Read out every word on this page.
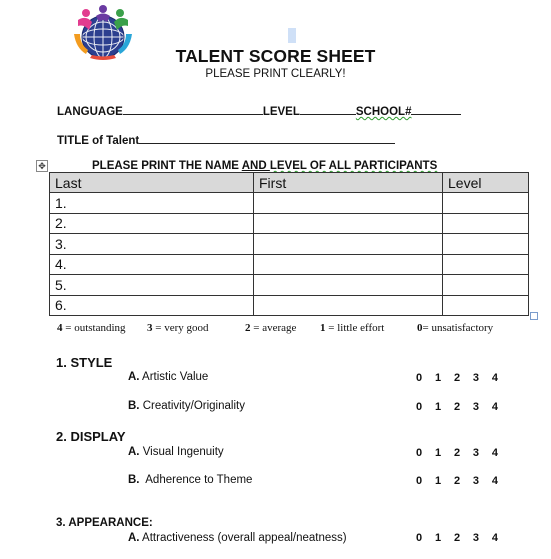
TALENT SCORE SHEET
PLEASE PRINT CLEARLY!
LANGUAGE	LEVEL	SCHOOL#
TITLE of Talent
✥	PLEASE PRINT THE NAME AND LEVEL OF ALL PARTICIPANTS
Last	First	Level
1.		
2.		
3.		
4.		
5.		
6.		
4 = outstanding 3 = very good	2 = average 1 = little effort	0= unsatisfactory
1. STYLE
A. Artistic Value	0 1 2 3 4
B. Creativity/Originality	0 1 2 3 4
2. DISPLAY
A. Visual Ingenuity	0 1 2 3 4
B.  Adherence to Theme	0 1 2 3 4
3. APPEARANCE:
A. Attractiveness (overall appeal/neatness)	0 1 2 3 4
